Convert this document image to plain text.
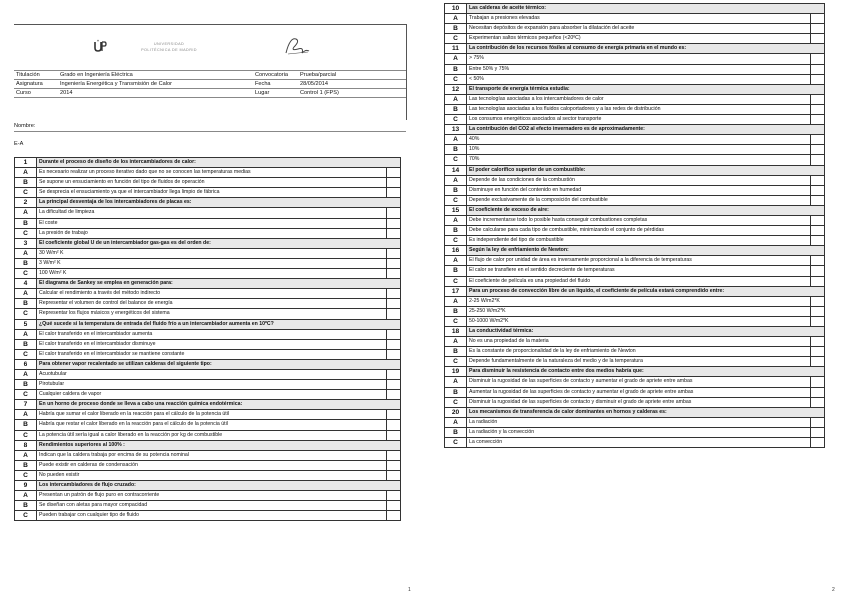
UNIVERSIDAD
POLITÉCNICA DE MADRID
Titulación	Grado en Ingeniería Eléctrica	Convocatoria Prueba/parcial
Asignatura	Ingeniería Energética y Transmisión de Calor	Fecha	28/05/2014
Curso	2014	Lugar	Control 1 (FPS)
Nombre:
E-A
1	Durante el proceso de diseño de los intercambiadores de calor:	
A	Es necesario realizar un proceso iterativo dado que no se conocen las temperaturas medias	
B	Se supone un ensuciamiento en función del tipo de fluidos de operación	
C	Se desprecia el ensuciamiento ya que el intercambiador llega limpio de fábrica	
2	La principal desventaja de los intercambiadores de placas es:	
A	La dificultad de limpieza	
B	El coste	
C	La presión de trabajo	
3	El coeficiente global U de un intercambiador gas-gas es del orden de:	
A	30 W/m² K	
B	3 W/m² K	
C	100 W/m² K	
4	El diagrama de Sankey se emplea en generación para:	
A	Calcular el rendimiento a través del método indirecto	
B	Representar el volumen de control del balance de energía	
C	Representar los flujos másicos y energéticos del sistema	
5	¿Qué sucede si la temperatura de entrada del fluido frío a un intercambiador aumenta en 10ºC?	
A	El calor transferido en el intercambiador aumenta	
B	El calor transferido en el intercambiador disminuye	
C	El calor transferido en el intercambiador se mantiene constante	
6	Para obtener vapor recalentado se utilizan calderas del siguiente tipo:	
A	Acuotubular	
B	Pirotubular	
C	Cualquier caldera de vapor	
7	En un horno de proceso donde se lleva a cabo una reacción química endotérmica:	
A	Habría que sumar el calor liberado en la reacción para el cálculo de la potencia útil	
B	Habría que restar el calor liberado en la reacción para el cálculo de la potencia útil	
C	La potencia útil sería igual a calor liberado en la reacción por kg de combustible	
8	Rendimientos superiores al 100% :	
A	Indican que la caldera trabaja por encima de su potencia nominal	
B	Puede existir en calderas de condensación	
C	No pueden existir	
9	Los intercambiadores de flujo cruzado:	
A	Presentan un patrón de flujo puro en contracorriente	
B	Se diseñan con aletas para mayor compacidad	
C	Pueden trabajar con cualquier tipo de fluido	
1
10	Las calderas de aceite térmico:	
A	Trabajan a presiones elevadas	
B	Necesitan depósitos de expansión para absorber la dilatación del aceite	
C	Experimentan saltos térmicos pequeños (<20ºC)	
11	La contribución de los recursos fósiles al consumo de energía primaria en el mundo es:	
A	> 75%	
B	Entre 50% y 75%	
C	< 50%	
12	El transporte de energía térmica estudia:	
A	Las tecnologías asociadas a los intercambiadores de calor	
B	Las tecnologías asociadas a los fluidos caloportadores y a las redes de distribución	
C	Los consumos energéticos asociados al sector transporte	
13	La contribución del CO2 al efecto invernadero es de aproximadamente:	
A	40%	
B	10%	
C	70%	
14	El poder calorífico superior de un combustible:	
A	Depende de las condiciones de la combustión	
B	Disminuye en función del contenido en humedad	
C	Depende exclusivamente de la composición del combustible	
15	El coeficiente de exceso de aire:	
A	Debe incrementarse todo lo posible hasta conseguir combustiones completas	
B	Debe calcularse para cada tipo de combustible, minimizando el conjunto de pérdidas	
C	Es independiente del tipo de combustible	
16	Según la ley de enfriamiento de Newton:	
A	El flujo de calor por unidad de área es inversamente proporcional a la diferencia de temperaturas	
B	El calor se transfiere en el sentido decreciente de temperaturas	
C	El coeficiente de película es una propiedad del fluido	
17	Para un proceso de convección libre de un líquido, el coeficiente de película estará comprendido entre:	
A	2-25 W/m2*K	
B	25-250 W/m2*K	
C	50-1000 W/m2*K	
18	La conductividad térmica:	
A	No es una propiedad de la materia	
B	Es la constante de proporcionalidad de la ley de enfriamiento de Newton	
C	Depende fundamentalmente de la naturaleza del medio y de la temperatura	
19	Para disminuir la resistencia de contacto entre dos medios habría que:	
A	Disminuir la rugosidad de las superficies de contacto y aumentar el grado de apriete entre ambas	
B	Aumentar la rugosidad de las superficies de contacto y aumentar el grado de apriete entre ambas	
C	Disminuir la rugosidad de las superficies de contacto y disminuir el grado de apriete entre ambas	
20	Los mecanismos de transferencia de calor dominantes en hornos y calderas es:	
A	La radiación	
B	La radiación y la convección	
C	La convección	
2
